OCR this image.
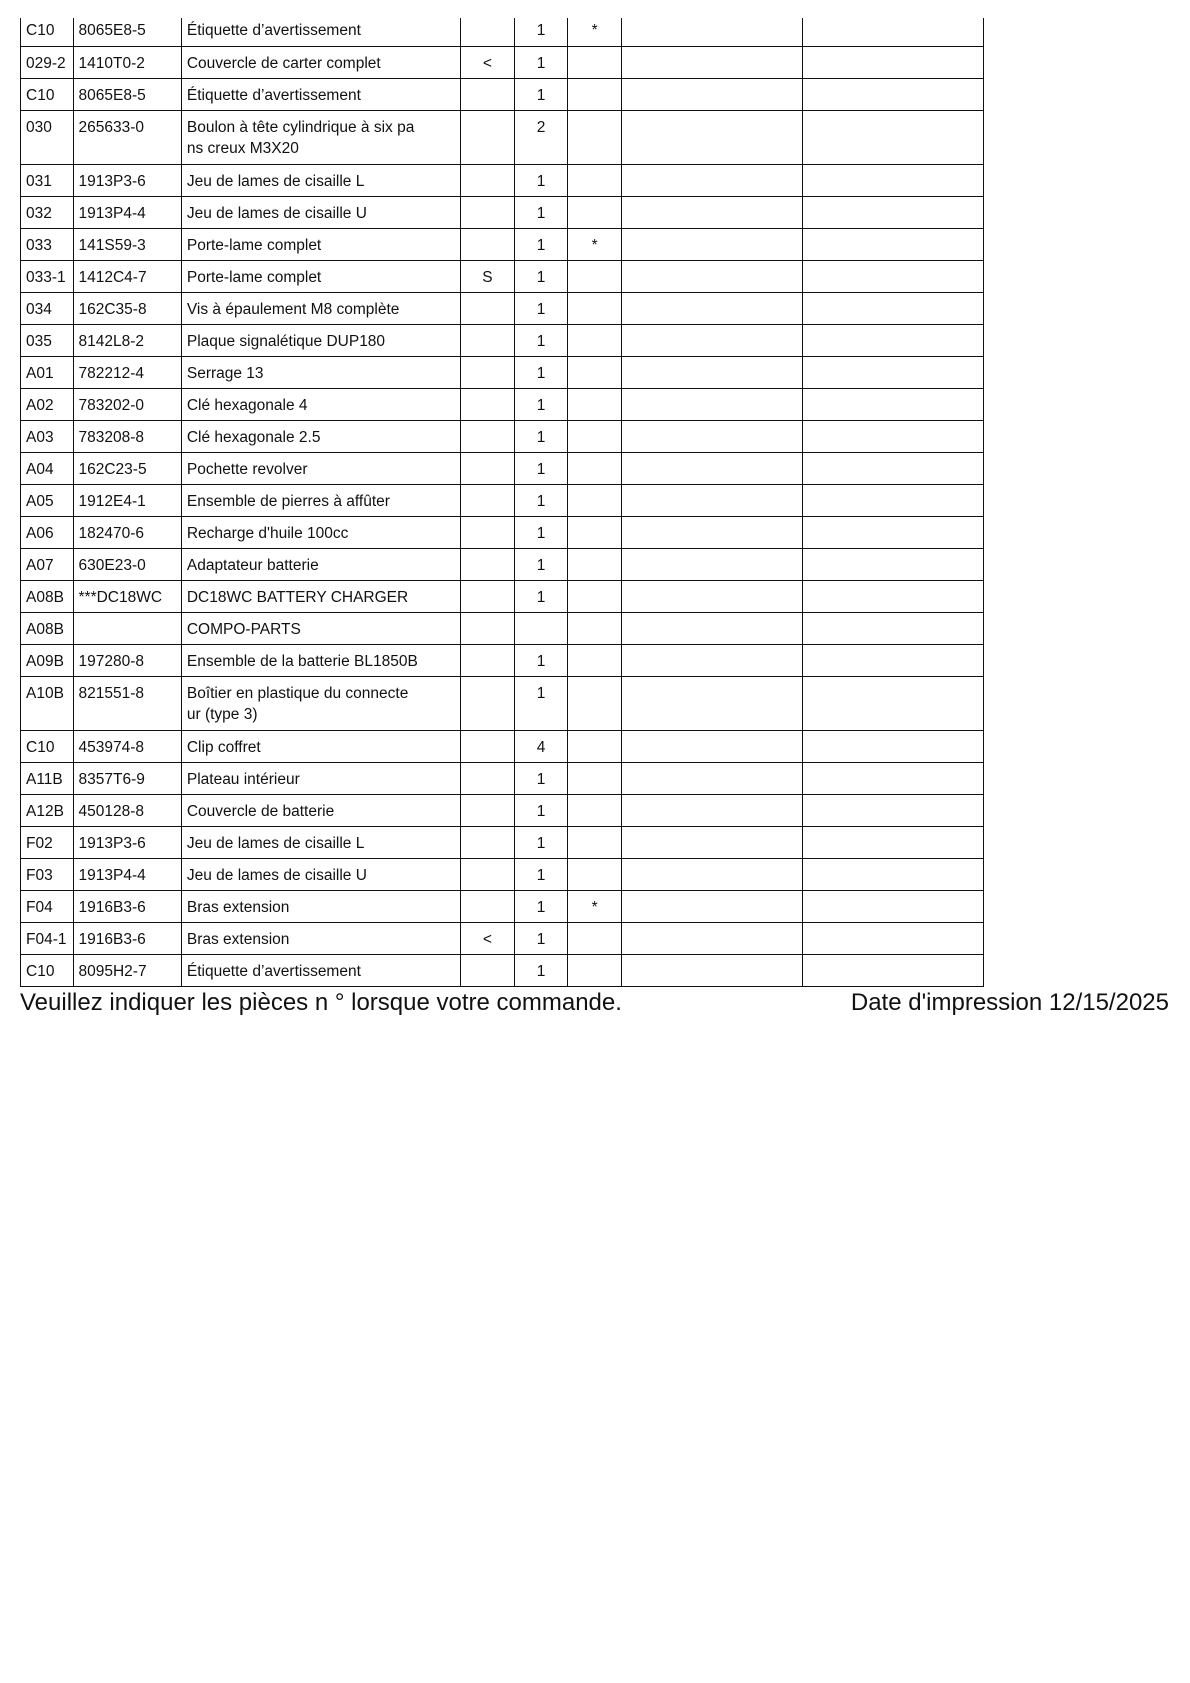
C10	8065E8-5	Étiquette d’avertissement		1	*		
029-2	1410T0-2	Couvercle de carter complet	<	1			
C10	8065E8-5	Étiquette d’avertissement		1			
030	265633-0	Boulon à tête cylindrique à six pa
ns creux M3X20		2			
031	1913P3-6	Jeu de lames de cisaille L		1			
032	1913P4-4	Jeu de lames de cisaille U		1			
033	141S59-3	Porte-lame complet		1	*		
033-1	1412C4-7	Porte-lame complet	S	1			
034	162C35-8	Vis à épaulement M8 complète		1			
035	8142L8-2	Plaque signalétique DUP180		1			
A01	782212-4	Serrage 13		1			
A02	783202-0	Clé hexagonale 4		1			
A03	783208-8	Clé hexagonale 2.5		1			
A04	162C23-5	Pochette revolver		1			
A05	1912E4-1	Ensemble de pierres à affûter		1			
A06	182470-6	Recharge d'huile 100cc		1			
A07	630E23-0	Adaptateur batterie		1			
A08B	***DC18WC	DC18WC BATTERY CHARGER		1			
A08B		COMPO-PARTS					
A09B	197280-8	Ensemble de la batterie BL1850B		1			
A10B	821551-8	Boîtier en plastique du connecte
ur (type 3)		1			
C10	453974-8	Clip coffret		4			
A11B	8357T6-9	Plateau intérieur		1			
A12B	450128-8	Couvercle de batterie		1			
F02	1913P3-6	Jeu de lames de cisaille L		1			
F03	1913P4-4	Jeu de lames de cisaille U		1			
F04	1916B3-6	Bras extension		1	*		
F04-1	1916B3-6	Bras extension	<	1			
C10	8095H2-7	Étiquette d’avertissement		1			
Veuillez indiquer les pièces n ° lorsque votre commande.	Date d'impression 12/15/2025
